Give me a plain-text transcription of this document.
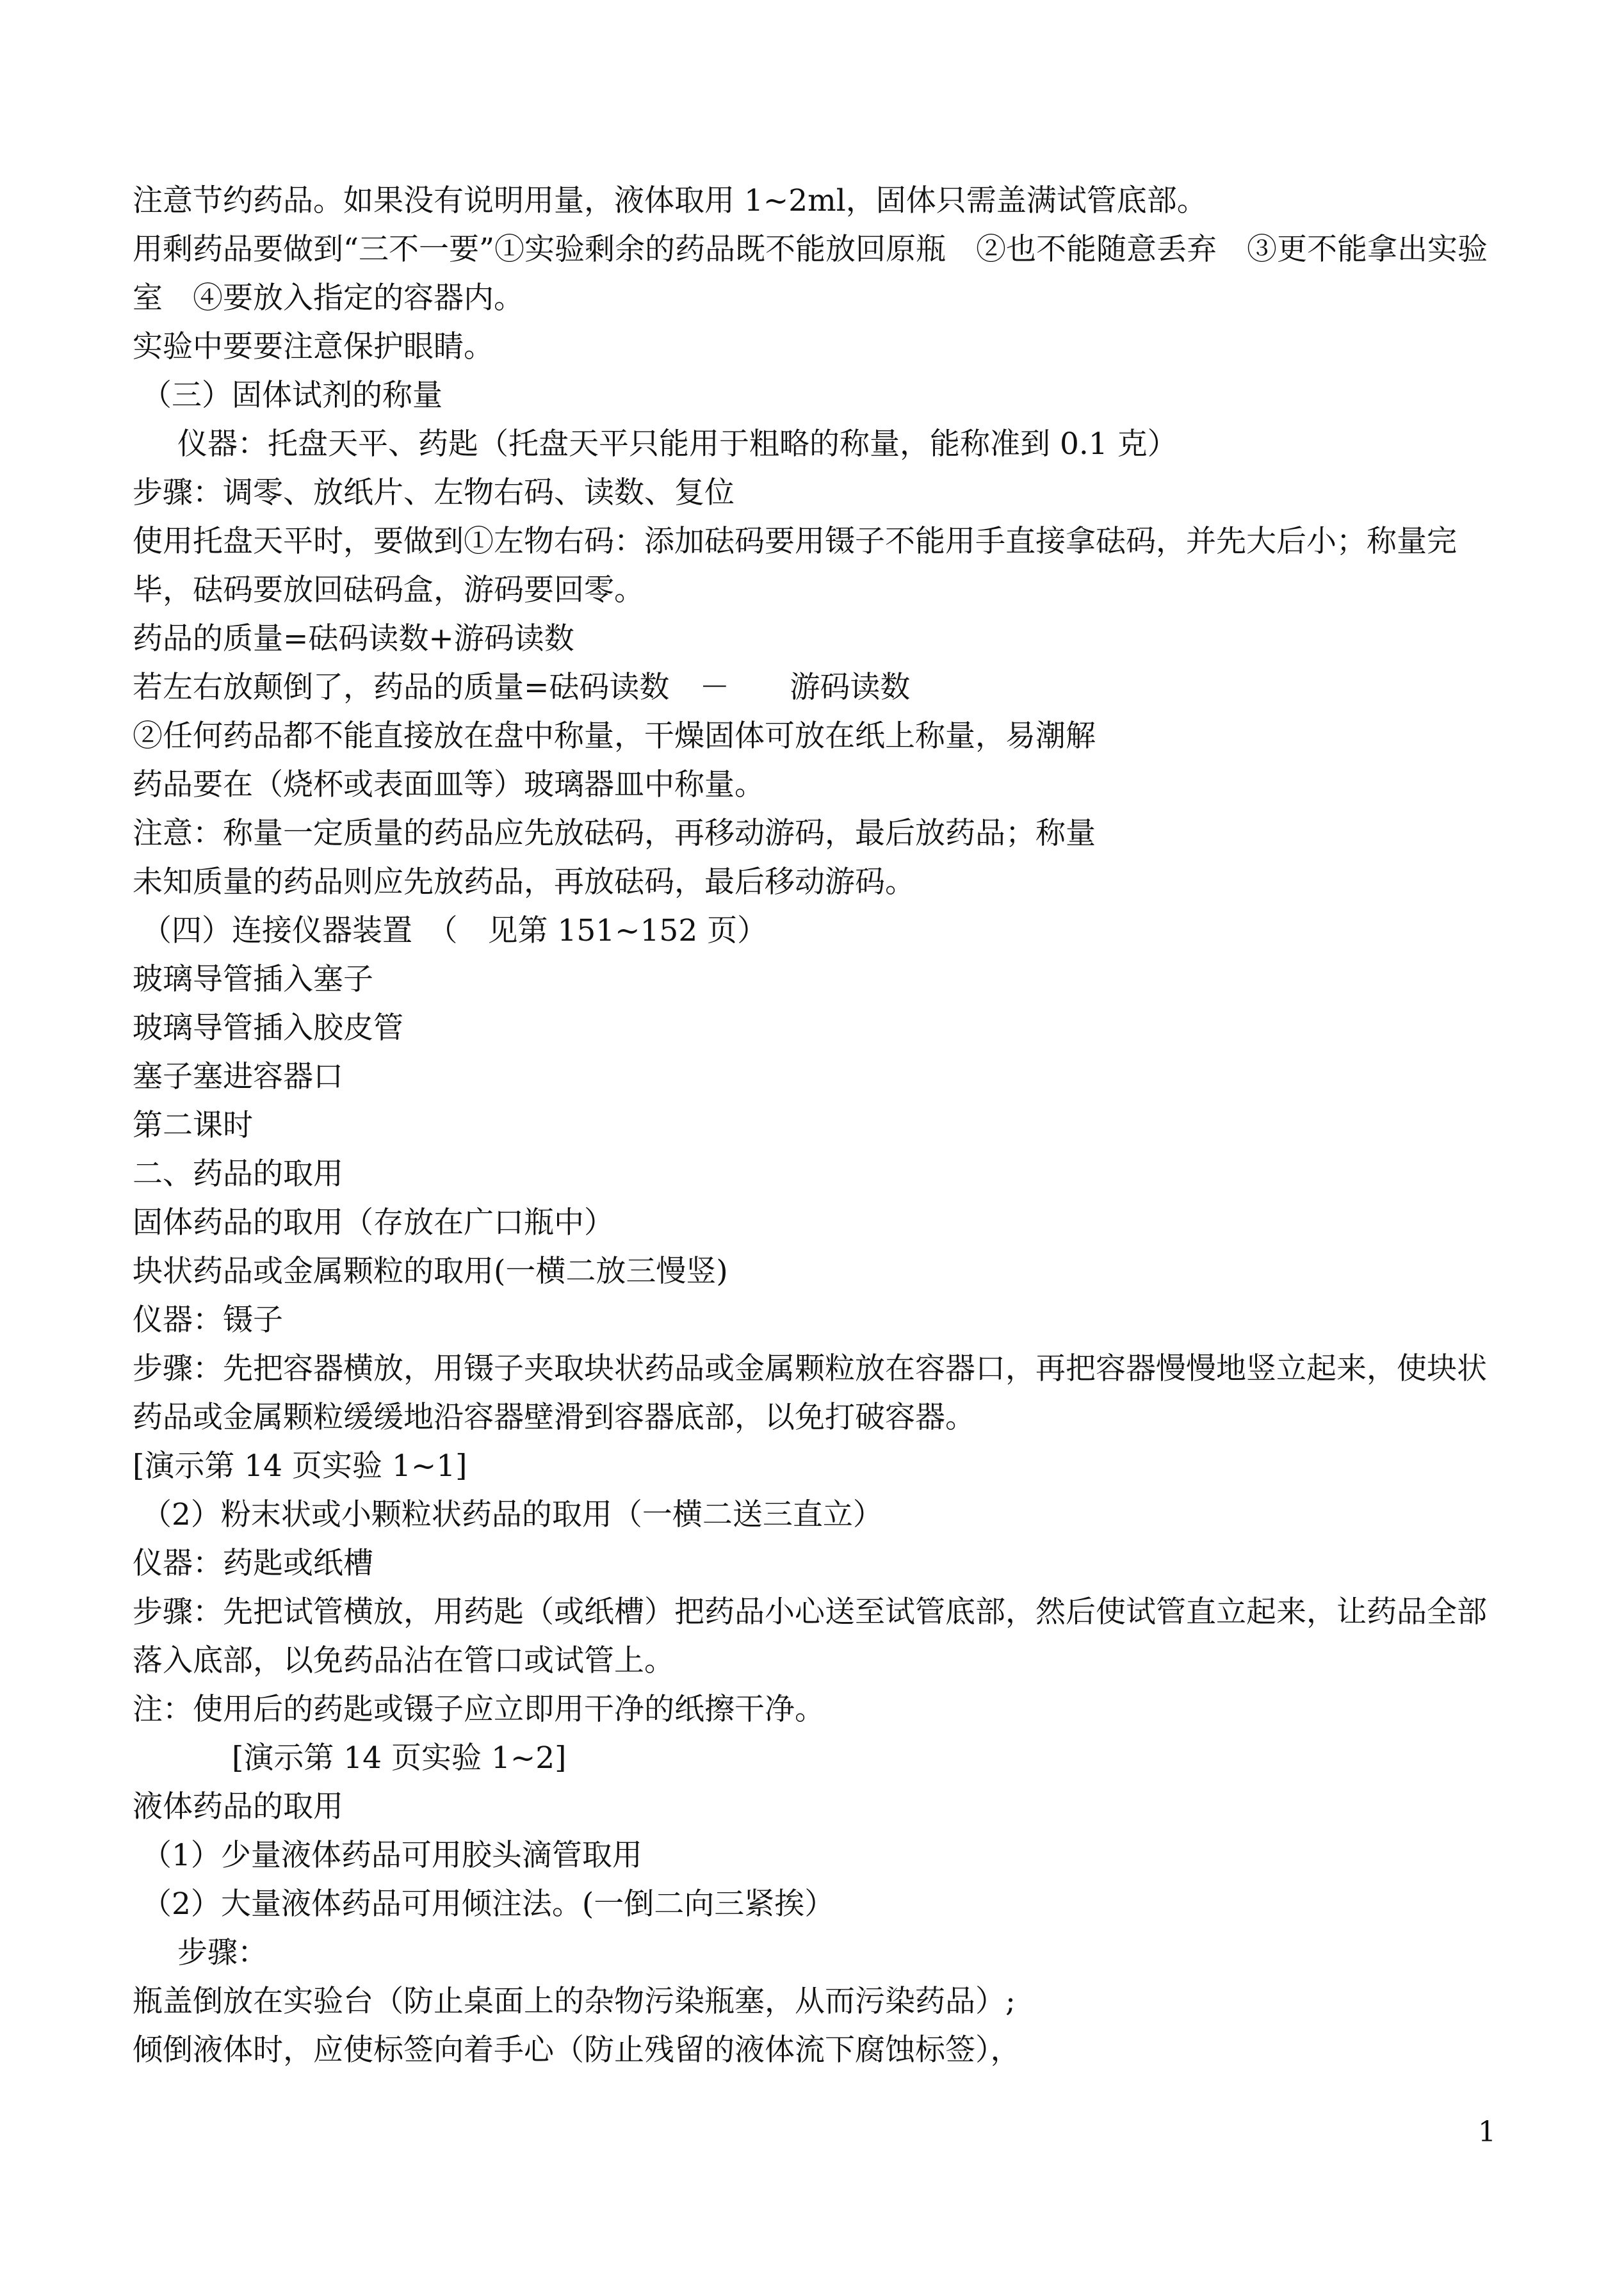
注意节约药品。如果没有说明用量，液体取用 1~2ml，固体只需盖满试管底部。
用剩药品要做到“三不一要”①实验剩余的药品既不能放回原瓶　②也不能随意丢弃　③更不能拿出实验室　④要放入指定的容器内。
实验中要要注意保护眼睛。
（三）固体试剂的称量
仪器：托盘天平、药匙（托盘天平只能用于粗略的称量，能称准到 0.1 克）
步骤：调零、放纸片、左物右码、读数、复位
使用托盘天平时，要做到①左物右码：添加砝码要用镊子不能用手直接拿砝码，并先大后小；称量完毕，砝码要放回砝码盒，游码要回零。
药品的质量=砝码读数+游码读数
若左右放颠倒了，药品的质量=砝码读数　－　　游码读数
②任何药品都不能直接放在盘中称量，干燥固体可放在纸上称量，易潮解
药品要在（烧杯或表面皿等）玻璃器皿中称量。
注意：称量一定质量的药品应先放砝码，再移动游码，最后放药品；称量
未知质量的药品则应先放药品，再放砝码，最后移动游码。
（四）连接仪器装置　（　见第 151~152 页）
玻璃导管插入塞子
玻璃导管插入胶皮管
塞子塞进容器口
第二课时
二、药品的取用
固体药品的取用（存放在广口瓶中）
块状药品或金属颗粒的取用(一横二放三慢竖)
仪器：镊子
步骤：先把容器横放，用镊子夹取块状药品或金属颗粒放在容器口，再把容器慢慢地竖立起来，使块状药品或金属颗粒缓缓地沿容器壁滑到容器底部，以免打破容器。
[演示第 14 页实验 1~1]
（2）粉末状或小颗粒状药品的取用（一横二送三直立）
仪器：药匙或纸槽
步骤：先把试管横放，用药匙（或纸槽）把药品小心送至试管底部，然后使试管直立起来，让药品全部落入底部，以免药品沾在管口或试管上。
注：使用后的药匙或镊子应立即用干净的纸擦干净。
[演示第 14 页实验 1~2]
液体药品的取用
（1）少量液体药品可用胶头滴管取用
（2）大量液体药品可用倾注法。(一倒二向三紧挨）
步骤：
瓶盖倒放在实验台（防止桌面上的杂物污染瓶塞，从而污染药品）;
倾倒液体时，应使标签向着手心（防止残留的液体流下腐蚀标签），
1
